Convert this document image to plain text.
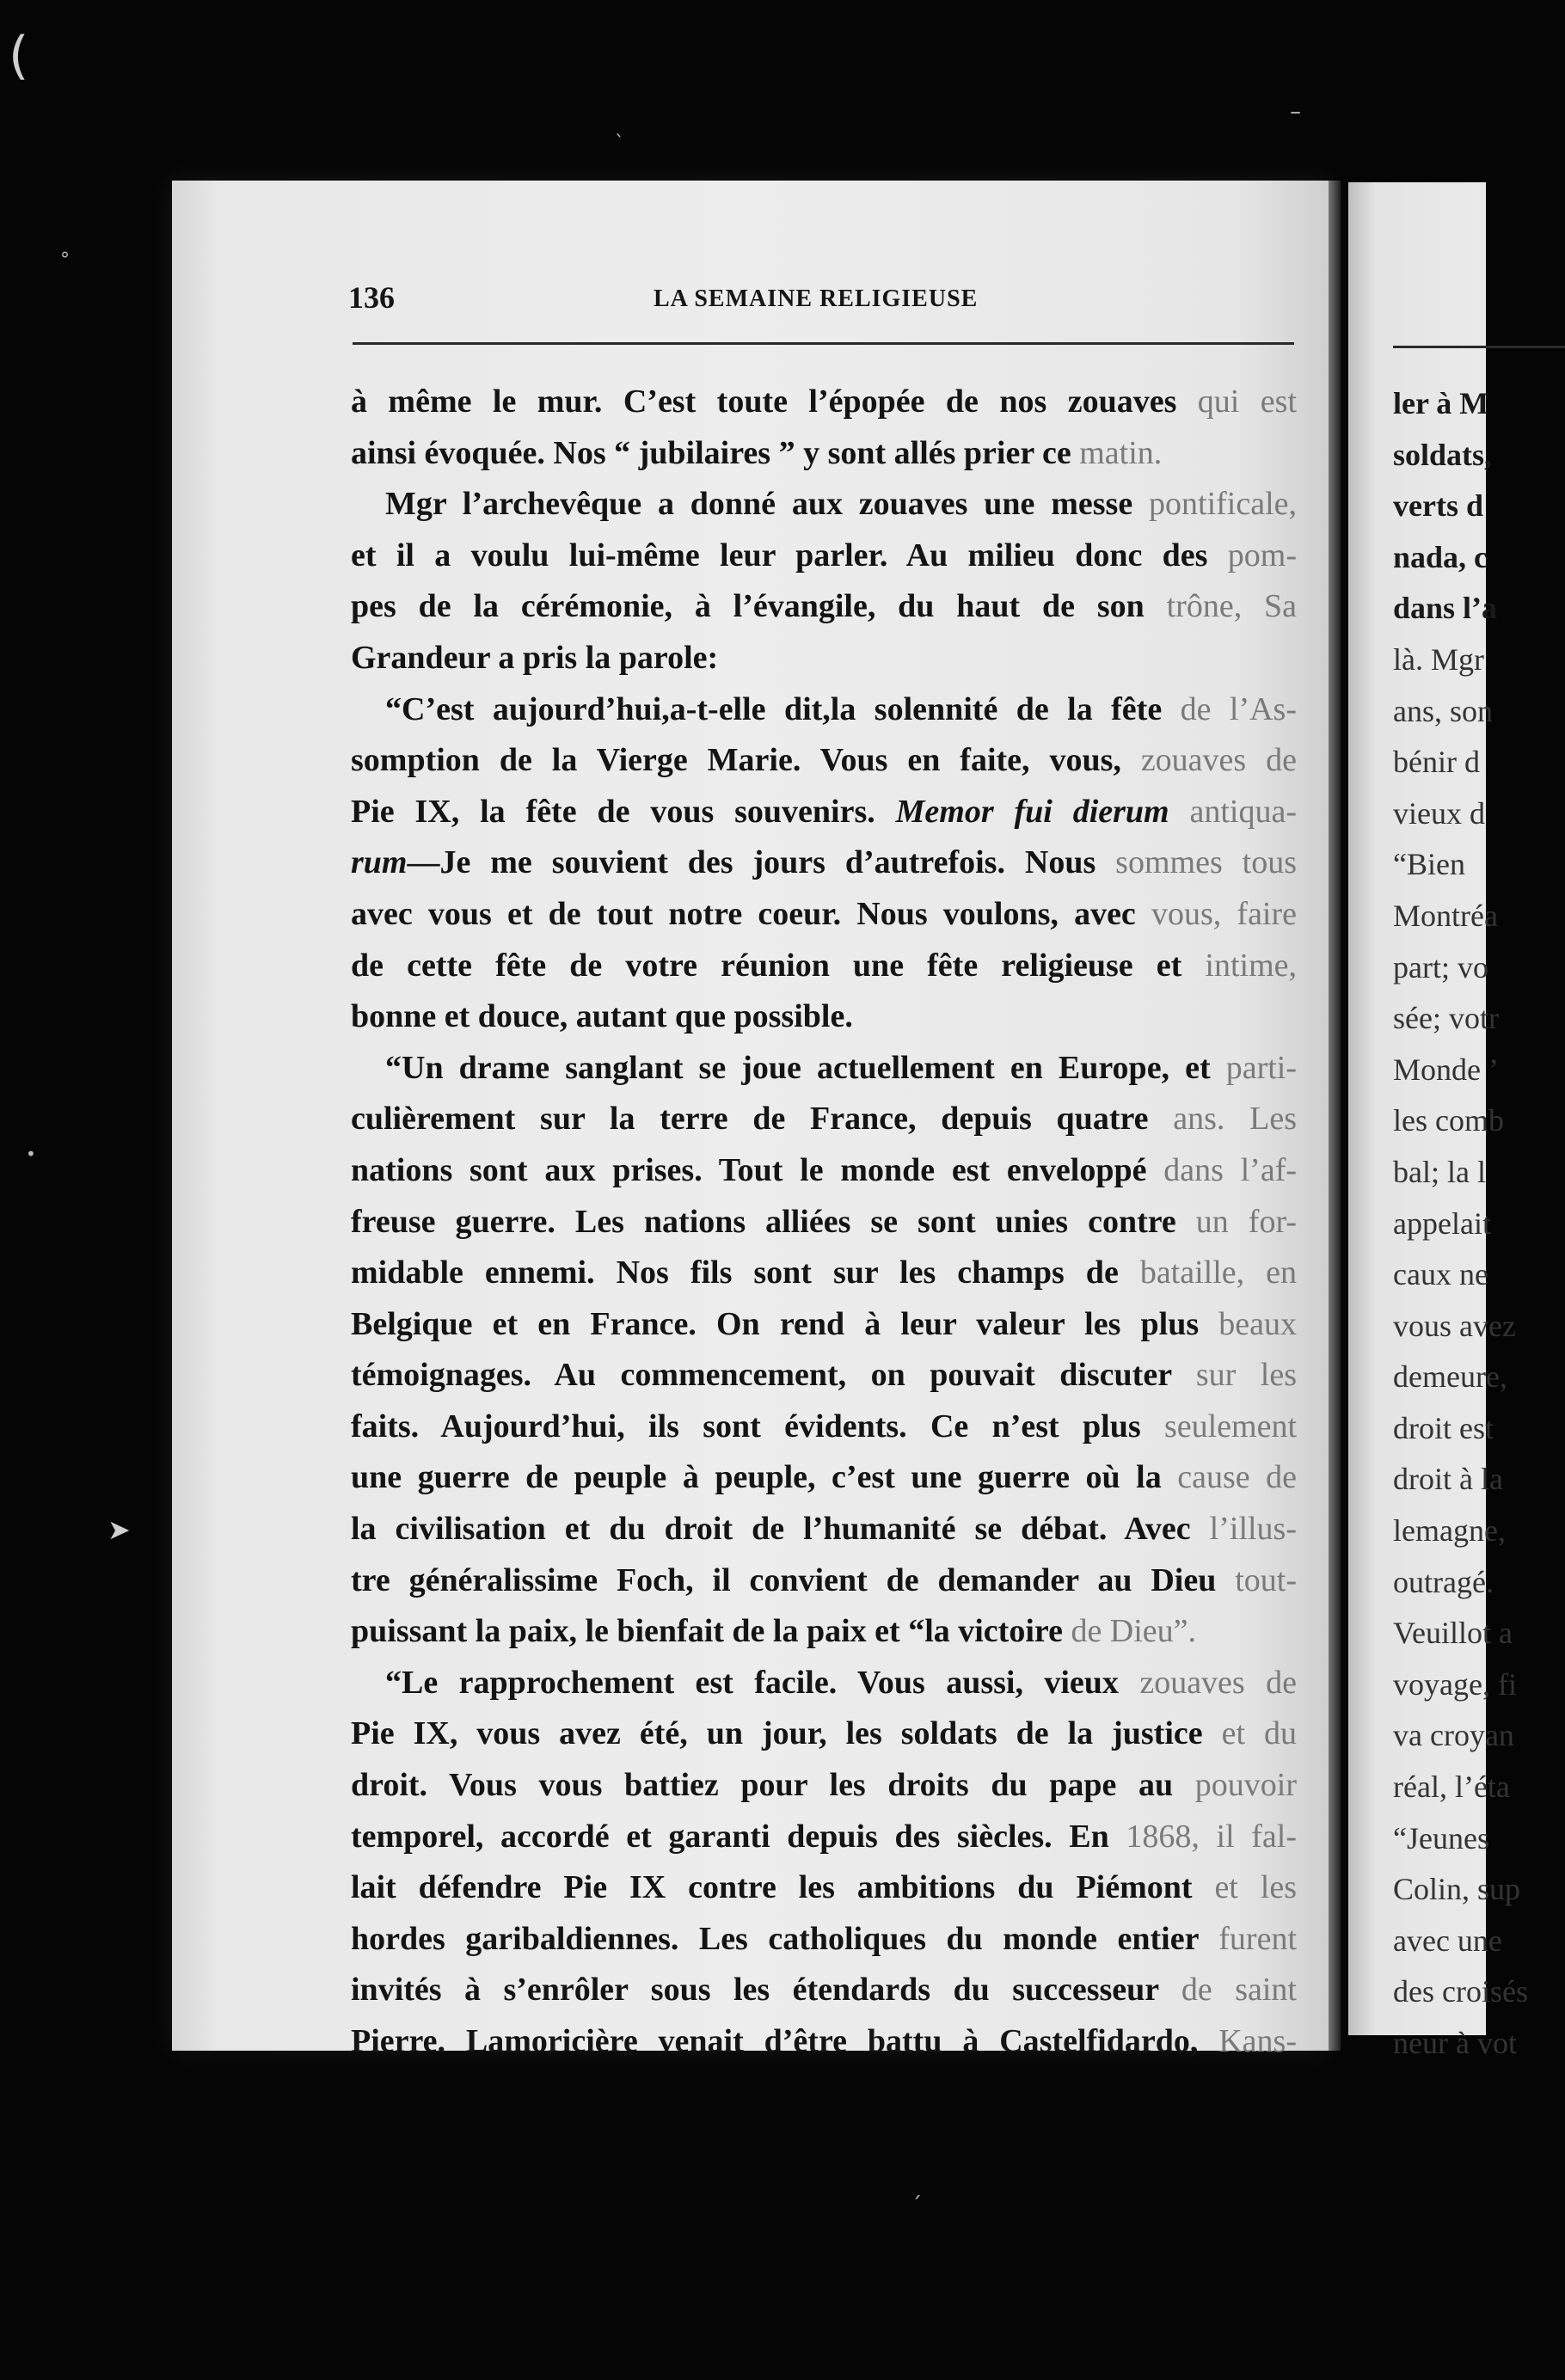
(
°
ˎ
–
➤
•
ˏ
136	LA SEMAINE RELIGIEUSE
à même le mur. C’est toute l’épopée de nos zouaves qui est
ainsi évoquée. Nos “ jubilaires ” y sont allés prier ce matin.
Mgr l’archevêque a donné aux zouaves une messe pontificale,
et il a voulu lui-même leur parler. Au milieu donc des pom-
pes de la cérémonie, à l’évangile, du haut de son trône, Sa
Grandeur a pris la parole:
“C’est aujourd’hui,a-t-elle dit,la solennité de la fête de l’As-
somption de la Vierge Marie. Vous en faite, vous, zouaves de
Pie IX, la fête de vous souvenirs. Memor fui dierum antiqua-
rum—Je me souvient des jours d’autrefois. Nous sommes tous
avec vous et de tout notre coeur. Nous voulons, avec vous, faire
de cette fête de votre réunion une fête religieuse et intime,
bonne et douce, autant que possible.
“Un drame sanglant se joue actuellement en Europe, et parti-
culièrement sur la terre de France, depuis quatre ans. Les
nations sont aux prises. Tout le monde est enveloppé dans l’af-
freuse guerre. Les nations alliées se sont unies contre un for-
midable ennemi. Nos fils sont sur les champs de bataille, en
Belgique et en France. On rend à leur valeur les plus beaux
témoignages. Au commencement, on pouvait discuter sur les
faits. Aujourd’hui, ils sont évidents. Ce n’est plus seulement
une guerre de peuple à peuple, c’est une guerre où la cause de
la civilisation et du droit de l’humanité se débat. Avec l’illus-
tre généralissime Foch, il convient de demander au Dieu tout-
puissant la paix, le bienfait de la paix et “la victoire de Dieu”.
“Le rapprochement est facile. Vous aussi, vieux zouaves de
Pie IX, vous avez été, un jour, les soldats de la justice et du
droit. Vous vous battiez pour les droits du pape au pouvoir
temporel, accordé et garanti depuis des siècles. En 1868, il fal-
lait défendre Pie IX contre les ambitions du Piémont et les
hordes garibaldiennes. Les catholiques du monde entier furent
invités à s’enrôler sous les étendards du successeur de saint
Pierre. Lamoricière venait d’être battu à Castelfidardo, Kans-
ler à M
soldats,
verts d
nada, c
dans l’a
là. Mgr
ans, son
bénir d
vieux d
“Bien
Montréa
part; vo
sée; votr
Monde ’
les comb
bal; la l
appelait
caux ne
vous avez
demeure,
droit est
droit à la
lemagne,
outragé.
Veuillot a
voyage, fi
va croyan
réal, l’éta
“Jeunes
Colin, sup
avec une
des croisés
neur à vot
